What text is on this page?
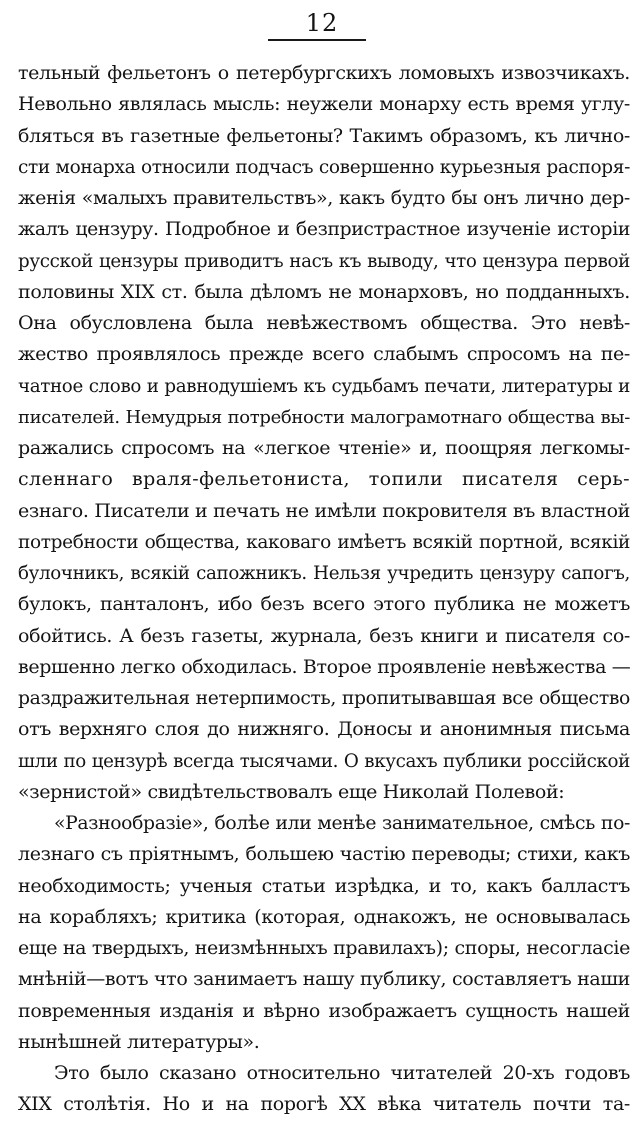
12
тельный фельетонъ о петербургскихъ ломовыхъ извозчикахъ.
Невольно являлась мысль: неужели монарху есть время углу-
бляться въ газетные фельетоны? Такимъ образомъ, къ лично-
сти монарха относили подчасъ совершенно курьезныя распоря-
женія «малыхъ правительствъ», какъ будто бы онъ лично дер-
жалъ цензуру. Подробное и безпристрастное изученіе исторіи
русской цензуры приводитъ насъ къ выводу, что цензура первой
половины XIX ст. была дѣломъ не монарховъ, но подданныхъ.
Она обусловлена была невѣжествомъ общества. Это невѣ-
жество проявлялось прежде всего слабымъ спросомъ на пе-
чатное слово и равнодушіемъ къ судьбамъ печати, литературы и
писателей. Немудрыя потребности малограмотнаго общества вы-
ражались спросомъ на «легкое чтеніе» и, поощряя легкомы-
сленнаго враля-фельетониста, топили писателя серь-
езнаго. Писатели и печать не имѣли покровителя въ властной
потребности общества, каковаго имѣетъ всякій портной, всякій
булочникъ, всякій сапожникъ. Нельзя учредить цензуру сапогъ,
булокъ, панталонъ, ибо безъ всего этого публика не можетъ
обойтись. А безъ газеты, журнала, безъ книги и писателя со-
вершенно легко обходилась. Второе проявленіе невѣжества —
раздражительная нетерпимость, пропитывавшая все общество
отъ верхняго слоя до нижняго. Доносы и анонимныя письма
шли по цензурѣ всегда тысячами. О вкусахъ публики россійской
«зернистой» свидѣтельствовалъ еще Николай Полевой:
«Разнообразіе», болѣе или менѣе занимательное, смѣсь по-
лезнаго съ пріятнымъ, большею частію переводы; стихи, какъ
необходимость; ученыя статьи изрѣдка, и то, какъ балластъ
на корабляхъ; критика (которая, однакожъ, не основывалась
еще на твердыхъ, неизмѣнныхъ правилахъ); споры, несогласіе
мнѣній—вотъ что занимаетъ нашу публику, составляетъ наши
повременныя изданія и вѣрно изображаетъ сущность нашей
нынѣшней литературы».
Это было сказано относительно читателей 20-хъ годовъ
XIX столѣтія. Но и на порогѣ XX вѣка читатель почти та-
